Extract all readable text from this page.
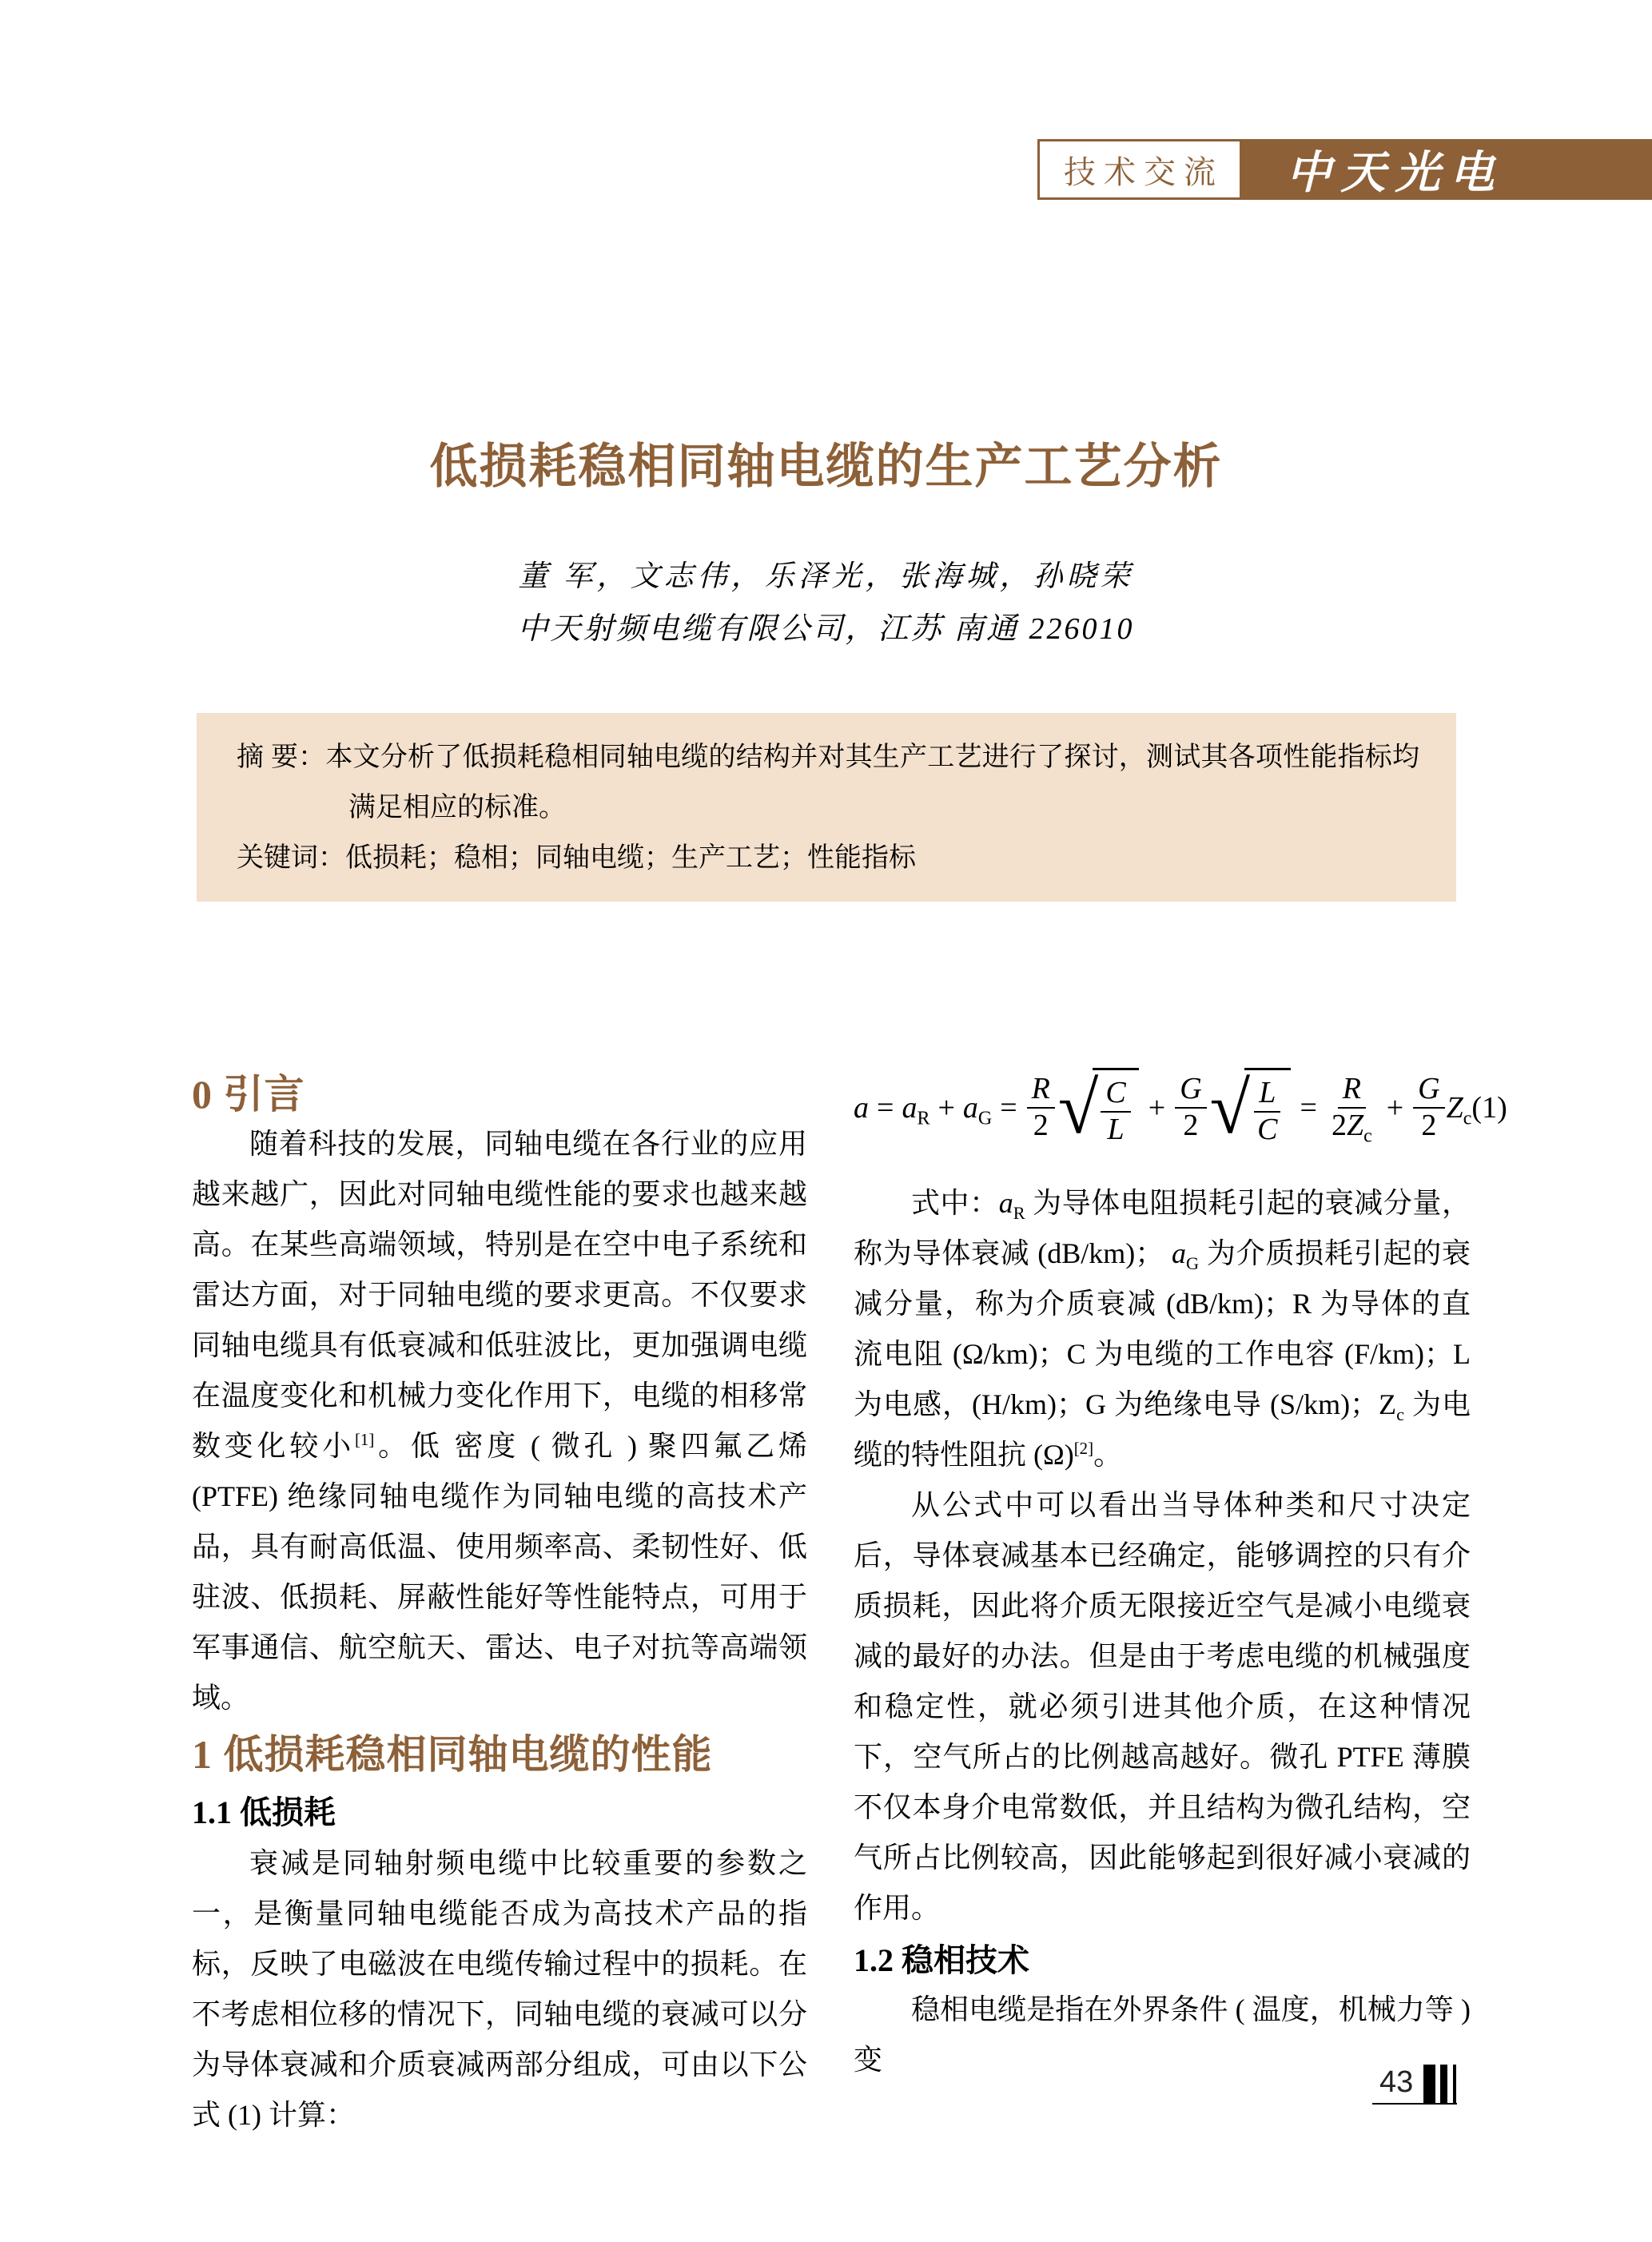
技术交流	中天光电
低损耗稳相同轴电缆的生产工艺分析
董 军，文志伟，乐泽光，张海城，孙晓荣
中天射频电缆有限公司，江苏 南通 226010

摘 要：本文分析了低损耗稳相同轴电缆的结构并对其生产工艺进行了探讨，测试其各项性能指标均满足相应的标准。

关键词：低损耗；稳相；同轴电缆；生产工艺；性能指标

0 引言

随着科技的发展，同轴电缆在各行业的应用越来越广，因此对同轴电缆性能的要求也越来越高。在某些高端领域，特别是在空中电子系统和雷达方面，对于同轴电缆的要求更高。不仅要求同轴电缆具有低衰减和低驻波比，更加强调电缆在温度变化和机械力变化作用下，电缆的相移常数变化较小[1]。低 密度 ( 微孔 ) 聚四氟乙烯 (PTFE) 绝缘同轴电缆作为同轴电缆的高技术产品，具有耐高低温、使用频率高、柔韧性好、低驻波、低损耗、屏蔽性能好等性能特点，可用于军事通信、航空航天、雷达、电子对抗等高端领域。

1 低损耗稳相同轴电缆的性能
1.1 低损耗

衰减是同轴射频电缆中比较重要的参数之一，是衡量同轴电缆能否成为高技术产品的指标，反映了电磁波在电缆传输过程中的损耗。在不考虑相位移的情况下，同轴电缆的衰减可以分为导体衰减和介质衰减两部分组成，可由以下公式 (1) 计算：

$a = a_R + a_G = \frac{R}{2}$ √ $\frac{C}{L} + \frac{G}{2}$ √ $\frac{L}{C} = \frac{R}{2Z_c} + \frac{G}{2} Z_c$ (1)

式中：$a_R$ 为导体电阻损耗引起的衰减分量，称为导体衰减 (dB/km)； $a_G$ 为介质损耗引起的衰减分量，称为介质衰减 (dB/km)；R 为导体的直流电阻 (Ω/km)；C 为电缆的工作电容 (F/km)；L 为电感，(H/km)；G 为绝缘电导 (S/km)；$Z_c$ 为电缆的特性阻抗 (Ω)[2]。

从公式中可以看出当导体种类和尺寸决定后，导体衰减基本已经确定，能够调控的只有介质损耗，因此将介质无限接近空气是减小电缆衰减的最好的办法。但是由于考虑电缆的机械强度和稳定性，就必须引进其他介质，在这种情况下，空气所占的比例越高越好。微孔 PTFE 薄膜不仅本身介电常数低，并且结构为微孔结构，空气所占比例较高，因此能够起到很好减小衰减的作用。

1.2 稳相技术

稳相电缆是指在外界条件 ( 温度，机械力等 ) 变

43
